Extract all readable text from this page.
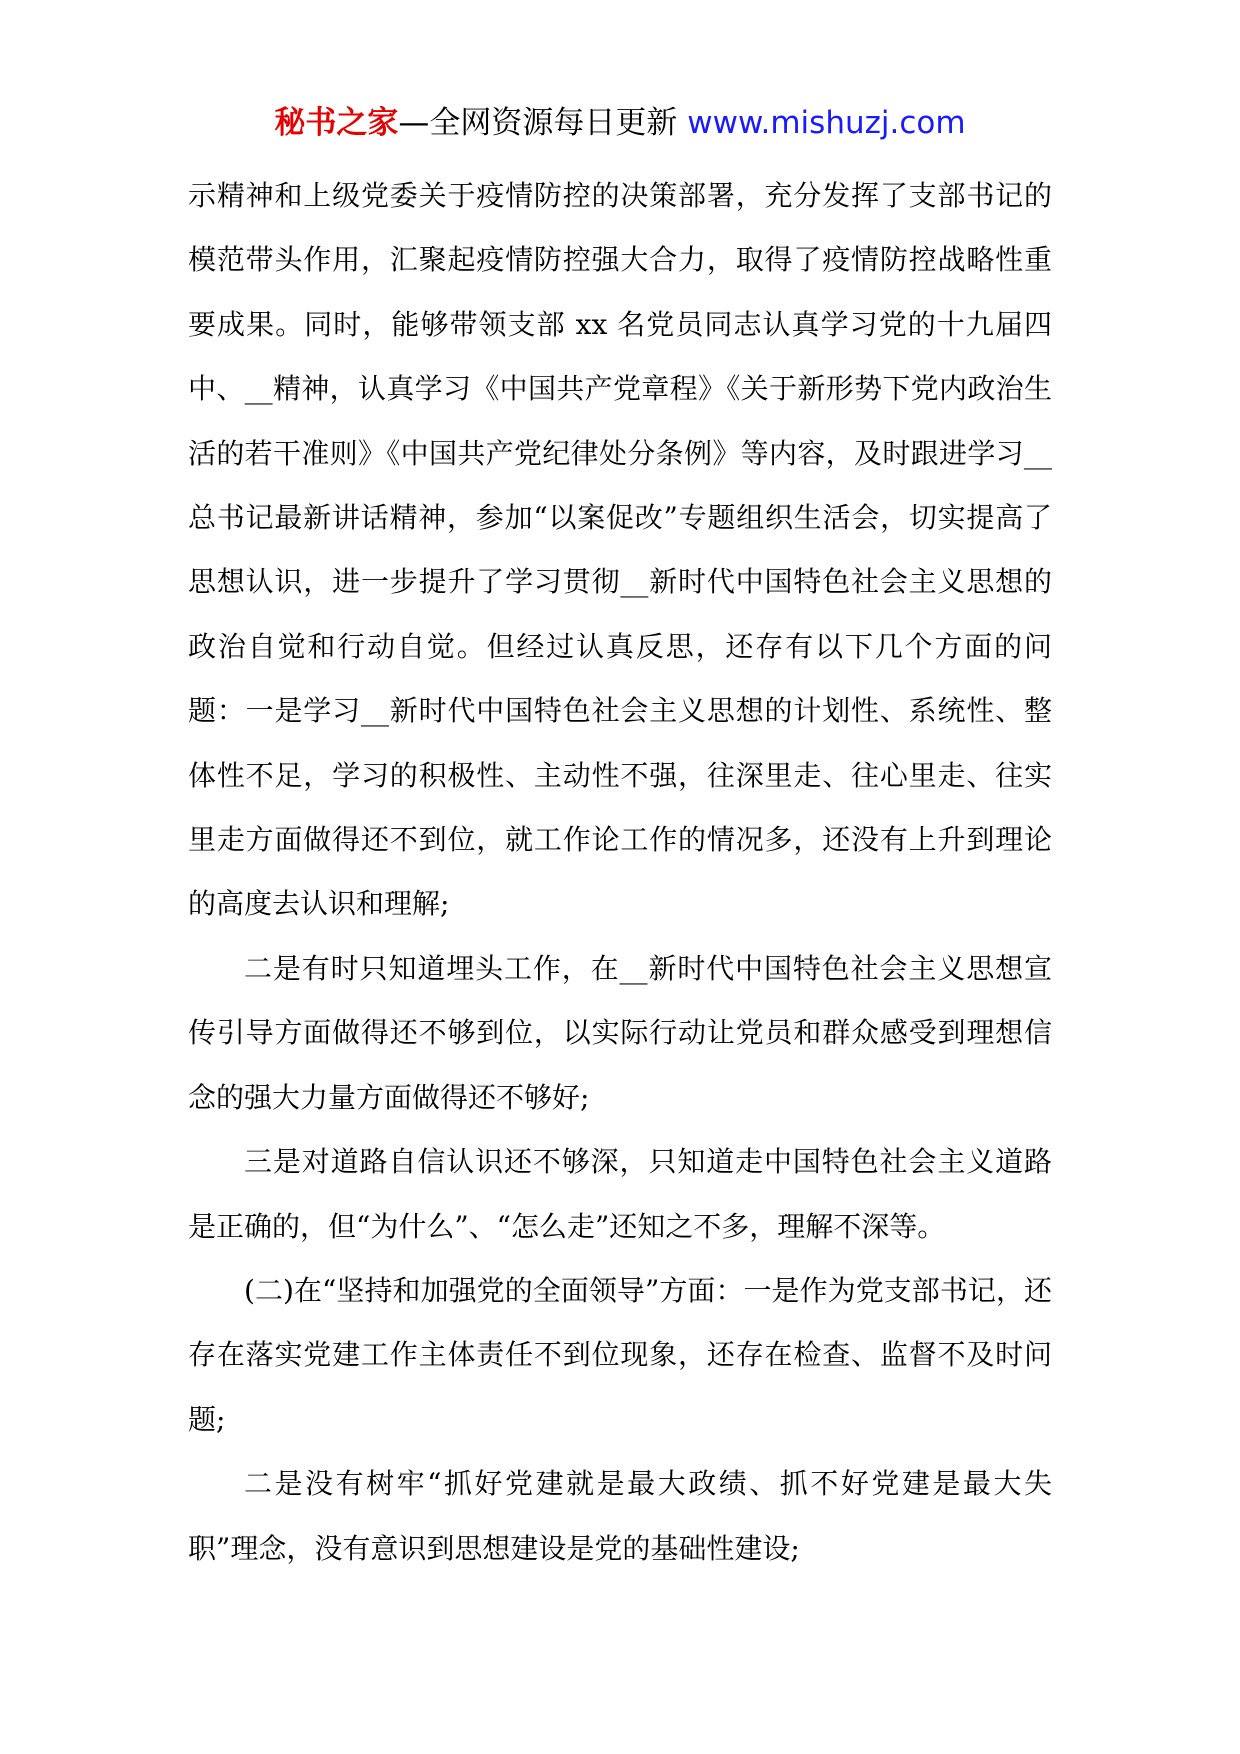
秘书之家—全网资源每日更新 www.mishuzj.com

示精神和上级党委关于疫情防控的决策部署，充分发挥了支部书记的模范带头作用，汇聚起疫情防控强大合力，取得了疫情防控战略性重要成果。同时，能够带领支部 xx 名党员同志认真学习党的十九届四中、__精神，认真学习《中国共产党章程》《关于新形势下党内政治生活的若干准则》《中国共产党纪律处分条例》等内容，及时跟进学习__总书记最新讲话精神，参加“以案促改”专题组织生活会，切实提高了思想认识，进一步提升了学习贯彻__新时代中国特色社会主义思想的政治自觉和行动自觉。但经过认真反思，还存有以下几个方面的问题：一是学习__新时代中国特色社会主义思想的计划性、系统性、整体性不足，学习的积极性、主动性不强，往深里走、往心里走、往实里走方面做得还不到位，就工作论工作的情况多，还没有上升到理论的高度去认识和理解;

二是有时只知道埋头工作，在__新时代中国特色社会主义思想宣传引导方面做得还不够到位，以实际行动让党员和群众感受到理想信念的强大力量方面做得还不够好;

三是对道路自信认识还不够深，只知道走中国特色社会主义道路是正确的，但“为什么”、“怎么走”还知之不多，理解不深等。

(二)在“坚持和加强党的全面领导”方面：一是作为党支部书记，还存在落实党建工作主体责任不到位现象，还存在检查、监督不及时问题;

二是没有树牢“抓好党建就是最大政绩、抓不好党建是最大失职”理念，没有意识到思想建设是党的基础性建设;
